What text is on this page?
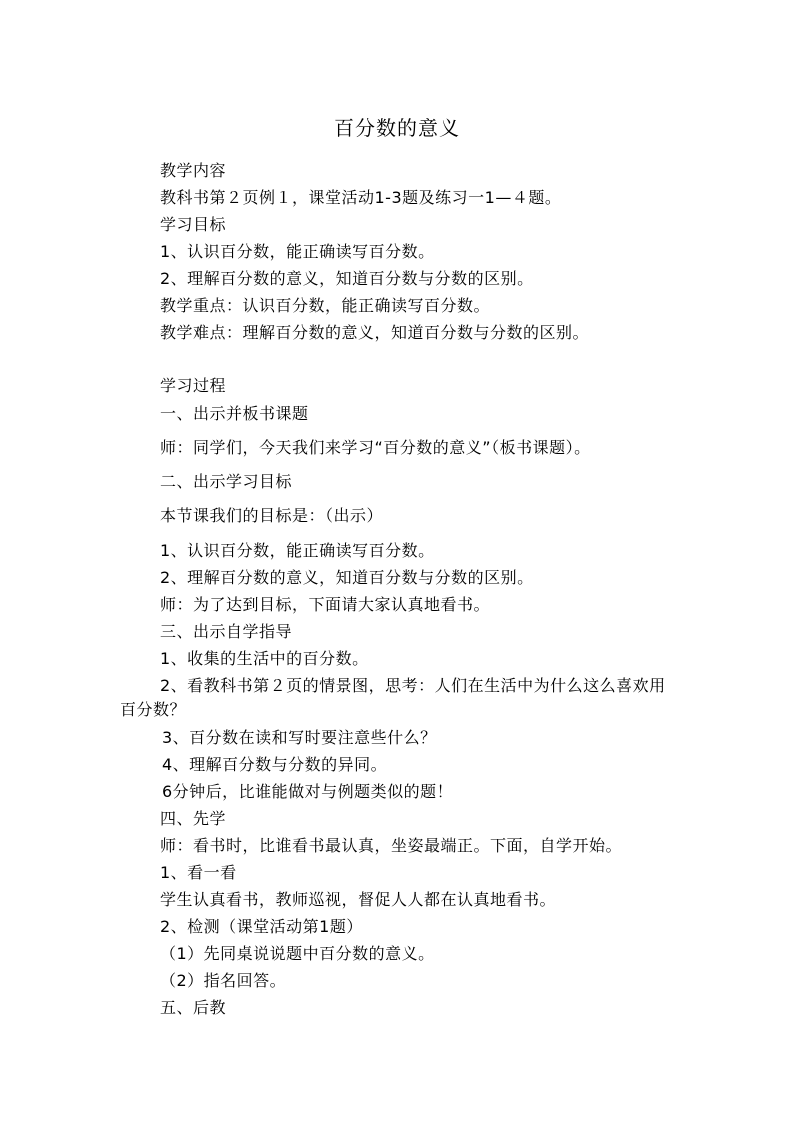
百分数的意义
教学内容
教科书第２页例１，课堂活动1-3题及练习一1—４题。
学习目标
1、认识百分数，能正确读写百分数。
2、理解百分数的意义，知道百分数与分数的区别。
教学重点：认识百分数，能正确读写百分数。
教学难点：理解百分数的意义，知道百分数与分数的区别。
学习过程
一、出示并板书课题
师：同学们，今天我们来学习“百分数的意义”（板书课题）。
二、出示学习目标
本节课我们的目标是：（出示）
1、认识百分数，能正确读写百分数。
2、理解百分数的意义，知道百分数与分数的区别。
师：为了达到目标，下面请大家认真地看书。
三、出示自学指导
1、收集的生活中的百分数。
2、看教科书第２页的情景图，思考：人们在生活中为什么这么喜欢用百分数？
3、百分数在读和写时要注意些什么？
4、理解百分数与分数的异同。
6分钟后，比谁能做对与例题类似的题！
四、先学
师：看书时，比谁看书最认真，坐姿最端正。下面，自学开始。
1、看一看
学生认真看书，教师巡视，督促人人都在认真地看书。
2、检测（课堂活动第1题）
（1）先同桌说说题中百分数的意义。
（2）指名回答。
五、后教
